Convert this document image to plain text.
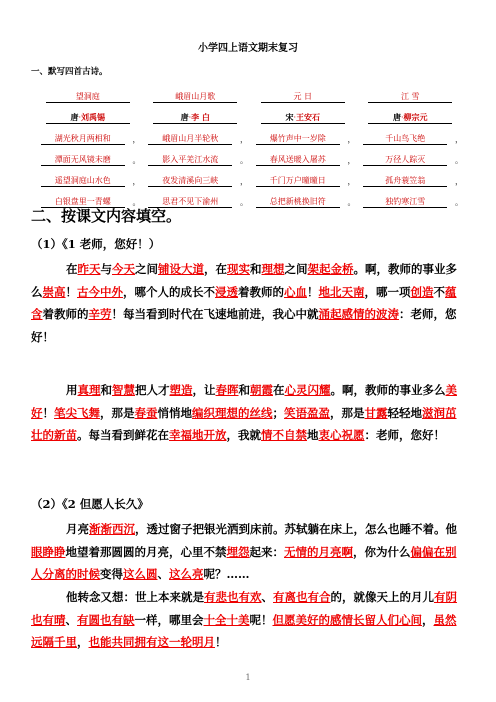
小学四上语文期末复习
一、默写四首古诗。
望洞庭	峨眉山月歌	元 日	江 雪
唐·刘禹锡	唐·李 白	宋·王安石	唐·柳宗元
湖光秋月两相和	，	峨眉山月半轮秋	，	爆竹声中一岁除	，	千山鸟飞绝	，
潭面无风镜未磨	。	影入平羌江水流	。	春风送暖入屠苏	，	万径人踪灭	。
遥望洞庭山水色	，	夜发清溪向三峡	，	千门万户曈曈日	，	孤舟蓑笠翁	，
白银盘里一青螺	。	思君不见下渝州	。	总把新桃换旧符	。	独钓寒江雪	。
二、按课文内容填空。
（1）《1 老师，您好！）
在昨天与今天之间铺设大道，在现实和理想之间架起金桥。啊，教师的事业多么崇高！古今中外，哪个人的成长不浸透着教师的心血！地北天南，哪一项创造不蕴含着教师的辛劳！每当看到时代在飞速地前进，我心中就涌起感情的波涛：老师，您好！
用真理和智慧把人才塑造，让春晖和朝霞在心灵闪耀。啊，教师的事业多么美好！笔尖飞舞，那是春蚕悄悄地编织理想的丝线；笑语盈盈，那是甘露轻轻地滋润茁壮的新苗。每当看到鲜花在幸福地开放，我就情不自禁地衷心祝愿：老师，您好！
（2）《2 但愿人长久》
月亮渐渐西沉，透过窗子把银光洒到床前。苏轼躺在床上，怎么也睡不着。他眼睁睁地望着那圆圆的月亮，心里不禁埋怨起来：无情的月亮啊，你为什么偏偏在别人分离的时候变得这么圆、这么亮呢？……
他转念又想：世上本来就是有悲也有欢、有离也有合的，就像天上的月儿有阴也有晴、有圆也有缺一样，哪里会十全十美呢！但愿美好的感情长留人们心间，虽然远隔千里，也能共同拥有这一轮明月！
1
